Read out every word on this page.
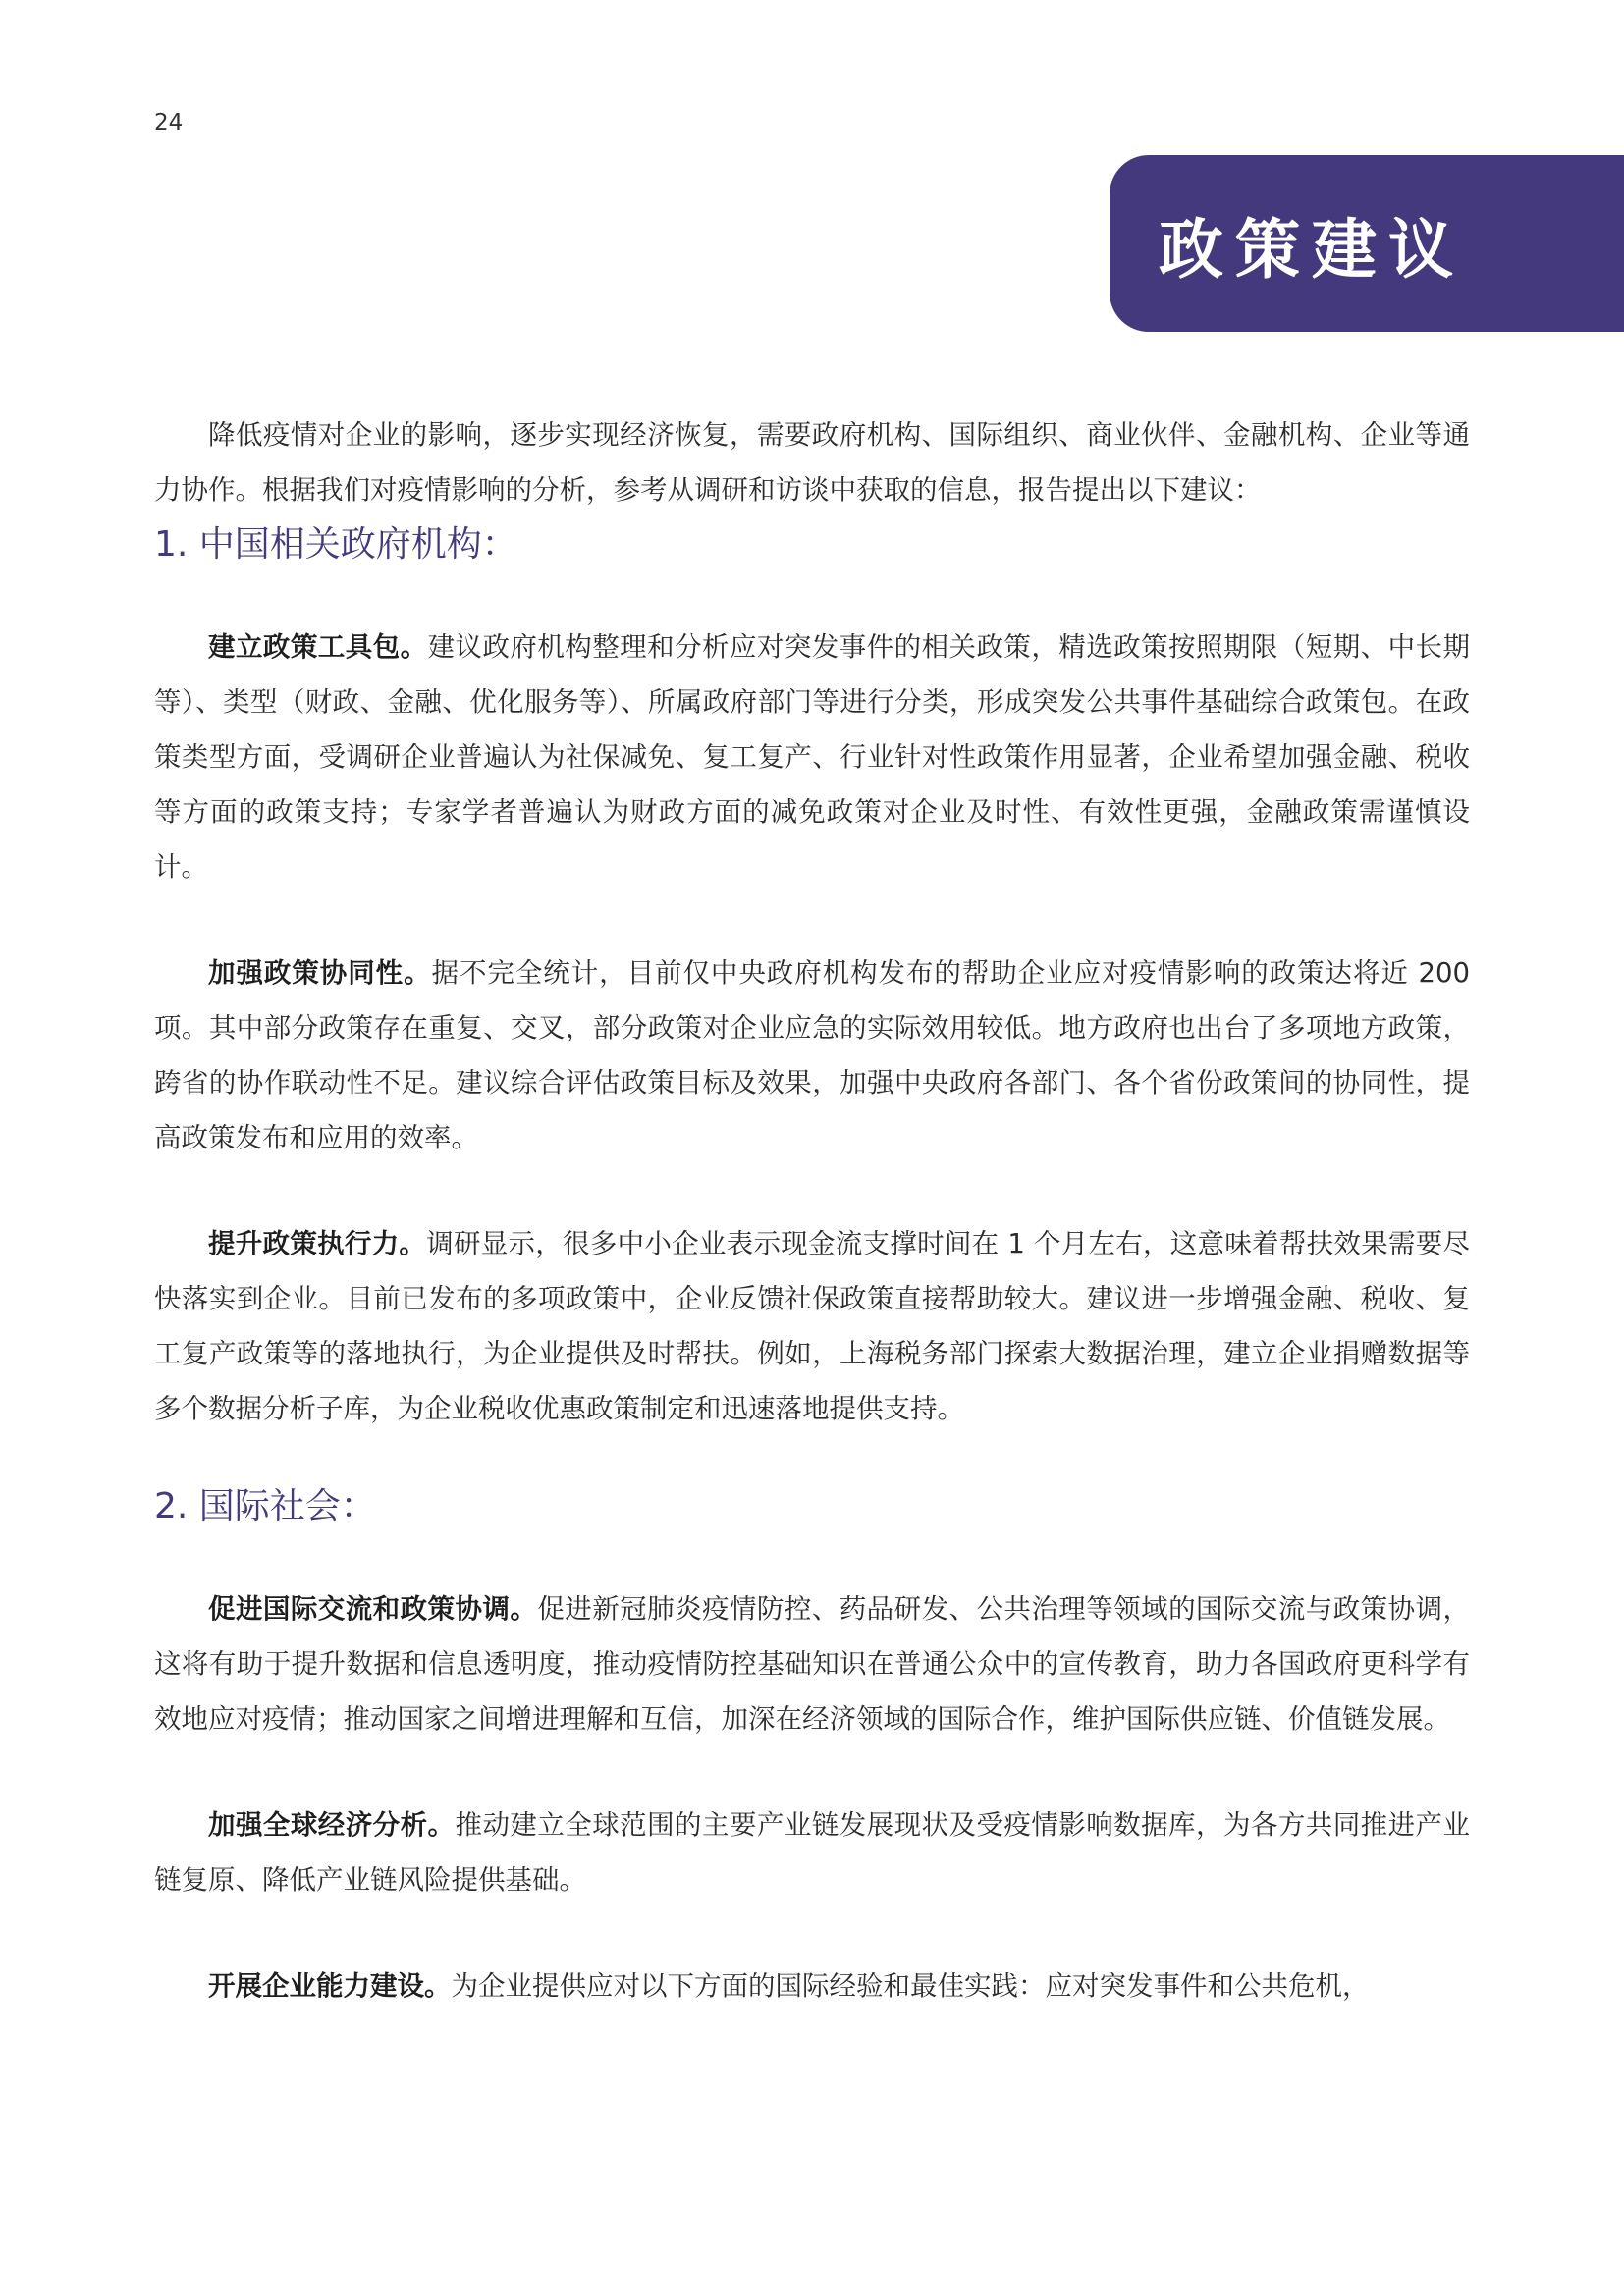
24
政策建议

降低疫情对企业的影响，逐步实现经济恢复，需要政府机构、国际组织、商业伙伴、金融机构、企业等通力协作。根据我们对疫情影响的分析，参考从调研和访谈中获取的信息，报告提出以下建议：

1. 中国相关政府机构：

建立政策工具包。建议政府机构整理和分析应对突发事件的相关政策，精选政策按照期限（短期、中长期等）、类型（财政、金融、优化服务等）、所属政府部门等进行分类，形成突发公共事件基础综合政策包。在政策类型方面，受调研企业普遍认为社保减免、复工复产、行业针对性政策作用显著，企业希望加强金融、税收等方面的政策支持；专家学者普遍认为财政方面的减免政策对企业及时性、有效性更强，金融政策需谨慎设计。

加强政策协同性。据不完全统计，目前仅中央政府机构发布的帮助企业应对疫情影响的政策达将近 200 项。其中部分政策存在重复、交叉，部分政策对企业应急的实际效用较低。地方政府也出台了多项地方政策，跨省的协作联动性不足。建议综合评估政策目标及效果，加强中央政府各部门、各个省份政策间的协同性，提高政策发布和应用的效率。

提升政策执行力。调研显示，很多中小企业表示现金流支撑时间在 1 个月左右，这意味着帮扶效果需要尽快落实到企业。目前已发布的多项政策中，企业反馈社保政策直接帮助较大。建议进一步增强金融、税收、复工复产政策等的落地执行，为企业提供及时帮扶。例如，上海税务部门探索大数据治理，建立企业捐赠数据等多个数据分析子库，为企业税收优惠政策制定和迅速落地提供支持。

2. 国际社会：

促进国际交流和政策协调。促进新冠肺炎疫情防控、药品研发、公共治理等领域的国际交流与政策协调，这将有助于提升数据和信息透明度，推动疫情防控基础知识在普通公众中的宣传教育，助力各国政府更科学有效地应对疫情；推动国家之间增进理解和互信，加深在经济领域的国际合作，维护国际供应链、价值链发展。

加强全球经济分析。推动建立全球范围的主要产业链发展现状及受疫情影响数据库，为各方共同推进产业链复原、降低产业链风险提供基础。

开展企业能力建设。为企业提供应对以下方面的国际经验和最佳实践：应对突发事件和公共危机，
